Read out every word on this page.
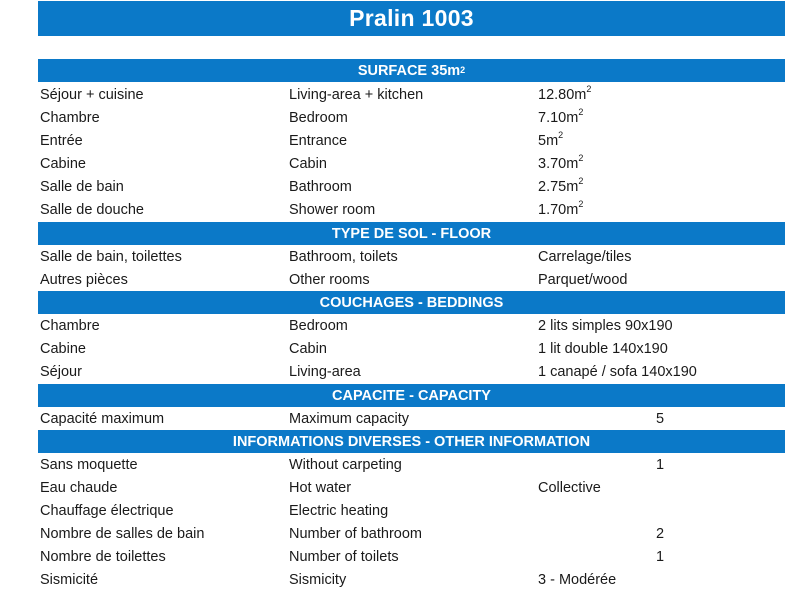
Pralin 1003
SURFACE $35m^2$
Séjour + cuisine	Living-area + kitchen	$12.80m^2$
Chambre	Bedroom	$7.10m^2$
Entrée	Entrance	$5m^2$
Cabine	Cabin	$3.70m^2$
Salle de bain	Bathroom	$2.75m^2$
Salle de douche	Shower room	$1.70m^2$
TYPE DE SOL - FLOOR
Salle de bain, toilettes	Bathroom, toilets	Carrelage/tiles
Autres pièces	Other rooms	Parquet/wood
COUCHAGES - BEDDINGS
Chambre	Bedroom	2 lits simples 90x190
Cabine	Cabin	1 lit double 140x190
Séjour	Living-area	1 canapé / sofa 140x190
CAPACITE - CAPACITY
Capacité maximum	Maximum capacity	5
INFORMATIONS DIVERSES - OTHER INFORMATION
Sans moquette	Without carpeting	1
Eau chaude	Hot water	Collective
Chauffage électrique	Electric heating
Nombre de salles de bain	Number of bathroom	2
Nombre de toilettes	Number of toilets	1
Sismicité	Sismicity	3 - Modérée
